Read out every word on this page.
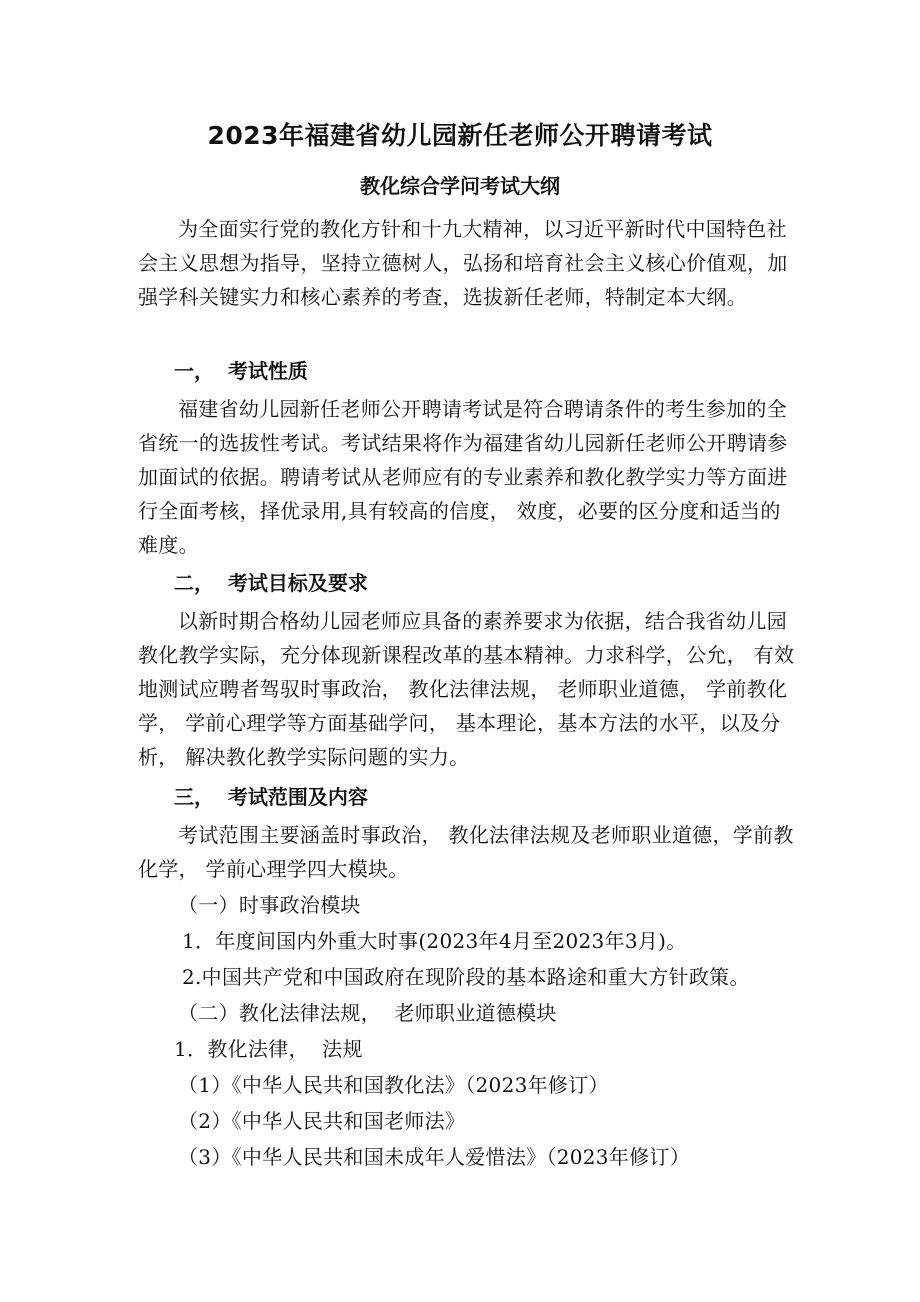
2023年福建省幼儿园新任老师公开聘请考试
教化综合学问考试大纲
为全面实行党的教化方针和十九大精神，以习近平新时代中国特色社会主义思想为指导，坚持立德树人，弘扬和培育社会主义核心价值观，加强学科关键实力和核心素养的考查，选拔新任老师，特制定本大纲。
一，  考试性质
福建省幼儿园新任老师公开聘请考试是符合聘请条件的考生参加的全省统一的选拔性考试。考试结果将作为福建省幼儿园新任老师公开聘请参加面试的依据。聘请考试从老师应有的专业素养和教化教学实力等方面进行全面考核，择优录用,具有较高的信度， 效度，必要的区分度和适当的难度。
二，  考试目标及要求
以新时期合格幼儿园老师应具备的素养要求为依据，结合我省幼儿园教化教学实际，充分体现新课程改革的基本精神。力求科学，公允， 有效地测试应聘者驾驭时事政治， 教化法律法规， 老师职业道德， 学前教化学， 学前心理学等方面基础学问， 基本理论，基本方法的水平，以及分析， 解决教化教学实际问题的实力。
三，  考试范围及内容
考试范围主要涵盖时事政治， 教化法律法规及老师职业道德，学前教化学， 学前心理学四大模块。
（一）时事政治模块
1．年度间国内外重大时事(2023年4月至2023年3月)。
2.中国共产党和中国政府在现阶段的基本路途和重大方针政策。
（二）教化法律法规，  老师职业道德模块
1．教化法律，  法规
（1）《中华人民共和国教化法》（2023年修订）
（2）《中华人民共和国老师法》
（3）《中华人民共和国未成年人爱惜法》（2023年修订）
